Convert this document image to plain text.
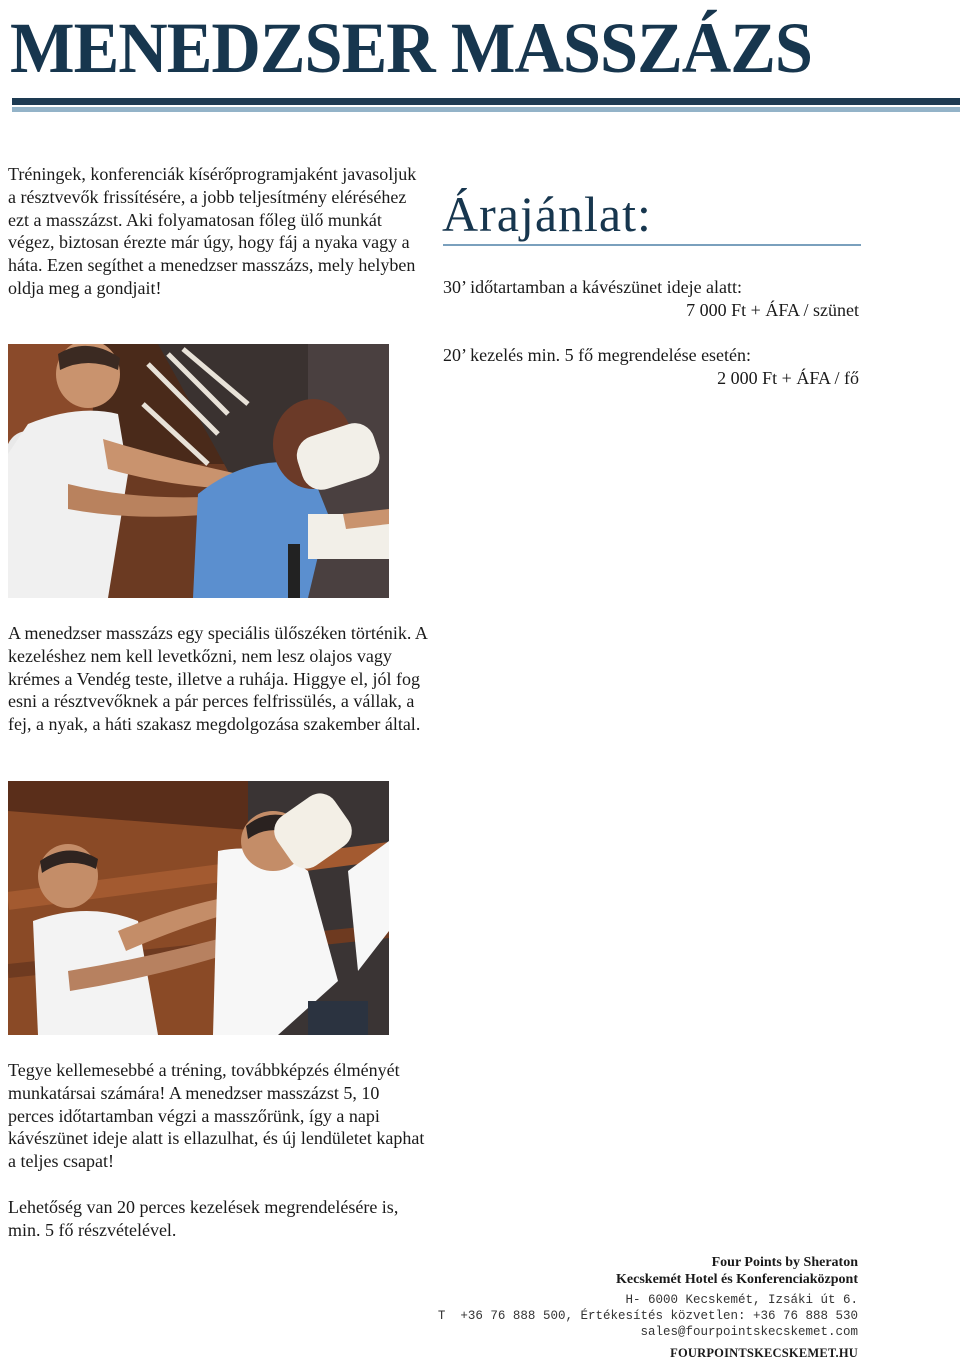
MENEDZSER MASSZÁZS

Tréningek, konferenciák kísérőprogramjaként javasoljuk a résztvevők frissítésére, a jobb teljesítmény eléréséhez ezt a masszázst. Aki folyamatosan főleg ülő munkát végez, biztosan érezte már úgy, hogy fáj a nyaka vagy a háta. Ezen segíthet a menedzser masszázs, mely helyben oldja meg a gondjait!

Árajánlat:

30’ időtartamban a kávészünet ideje alatt:

7 000 Ft + ÁFA / szünet

20’ kezelés min. 5 fő megrendelése esetén:

2 000 Ft + ÁFA / fő

A menedzser masszázs egy speciális ülőszéken történik. A kezeléshez nem kell levetkőzni, nem lesz olajos vagy krémes a Vendég teste, illetve a ruhája. Higgye el, jól fog esni a résztvevőknek a pár perces felfrissülés, a vállak, a fej, a nyak, a háti szakasz megdolgozása szakember által.

Tegye kellemesebbé a tréning, továbbképzés élményét munkatársai számára! A menedzser masszázst 5, 10 perces időtartamban végzi a masszőrünk, így a napi kávészünet ideje alatt is ellazulhat, és új lendületet kaphat a teljes csapat!

Lehetőség van 20 perces kezelések megrendelésére is, min. 5 fő részvételével.

Four Points by Sheraton
Kecskemét Hotel és Konferenciaközpont
H- 6000 Kecskemét, Izsáki út 6.
T  +36 76 888 500, Értékesítés közvetlen: +36 76 888 530
sales@fourpointskecskemet.com
FOURPOINTSKECSKEMET.HU
